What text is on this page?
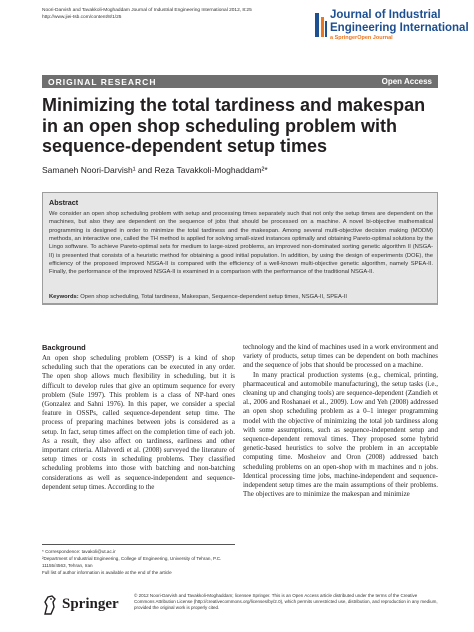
Noori-Darvish and Tavakkoli-Moghaddam Journal of Industrial Engineering International 2012, 8:25
http://www.jiei-tsb.com/content/8/1/25	Journal of Industrial
Engineering International
a SpringerOpen Journal
ORIGINAL RESEARCH	Open Access
Minimizing the total tardiness and makespan in an open shop scheduling problem with sequence-dependent setup times
Samaneh Noori-Darvish¹ and Reza Tavakkoli-Moghaddam²*
Abstract
We consider an open shop scheduling problem with setup and processing times separately such that not only the setup times are dependent on the machines, but also they are dependent on the sequence of jobs that should be processed on a machine. A novel bi-objective mathematical programming is designed in order to minimize the total tardiness and the makespan. Among several multi-objective decision making (MODM) methods, an interactive one, called the TH method is applied for solving small-sized instances optimally and obtaining Pareto-optimal solutions by the Lingo software. To achieve Pareto-optimal sets for medium to large-sized problems, an improved non-dominated sorting genetic algorithm II (NSGA-II) is presented that consists of a heuristic method for obtaining a good initial population. In addition, by using the design of experiments (DOE), the efficiency of the proposed improved NSGA-II is compared with the efficiency of a well-known multi-objective genetic algorithm, namely SPEA-II. Finally, the performance of the improved NSGA-II is examined in a comparison with the performance of the traditional NSGA-II.
Keywords: Open shop scheduling, Total tardiness, Makespan, Sequence-dependent setup times, NSGA-II, SPEA-II
Background

An open shop scheduling problem (OSSP) is a kind of shop scheduling such that the operations can be executed in any order. The open shop allows much flexibility in scheduling, but it is difficult to develop rules that give an optimum sequence for every problem (Sule 1997). This problem is a class of NP-hard ones (Gonzalez and Sahni 1976). In this paper, we consider a special feature in OSSPs, called sequence-dependent setup time. The process of preparing machines between jobs is considered as a setup. In fact, setup times affect on the completion time of each job. As a result, they also affect on tardiness, earliness and other important criteria. Allahverdi et al. (2008) surveyed the literature of setup times or costs in scheduling problems. They classified scheduling problems into those with batching and non-batching considerations as well as sequence-independent and sequence-dependent setup times. According to the

technology and the kind of machines used in a work environment and variety of products, setup times can be dependent on both machines and the sequence of jobs that should be processed on a machine.

In many practical production systems (e.g., chemical, printing, pharmaceutical and automobile manufacturing), the setup tasks (i.e., cleaning up and changing tools) are sequence-dependent (Zandieh et al., 2006 and Roshanaei et al., 2009). Low and Yeh (2008) addressed an open shop scheduling problem as a 0–1 integer programming model with the objective of minimizing the total job tardiness along with some assumptions, such as sequence-independent setup and sequence-dependent removal times. They proposed some hybrid genetic-based heuristics to solve the problem in an acceptable computing time. Mosheiov and Oron (2008) addressed batch scheduling problems on an open-shop with m machines and n jobs. Identical processing time jobs, machine-independent and sequence-independent setup times are the main assumptions of their problems. The objectives are to minimize the makespan and minimize

* Correspondence: tavakoli@ut.ac.ir
²Department of Industrial Engineering, College of Engineering, University of Tehran, P.C. 11155/4563, Tehran, Iran
Full list of author information is available at the end of the article
Springer
© 2012 Noori-Darvish and Tavakkoli-Moghaddam; licensee Springer. This is an Open Access article distributed under the terms of the Creative Commons Attribution License (http://creativecommons.org/licenses/by/2.0), which permits unrestricted use, distribution, and reproduction in any medium, provided the original work is properly cited.
